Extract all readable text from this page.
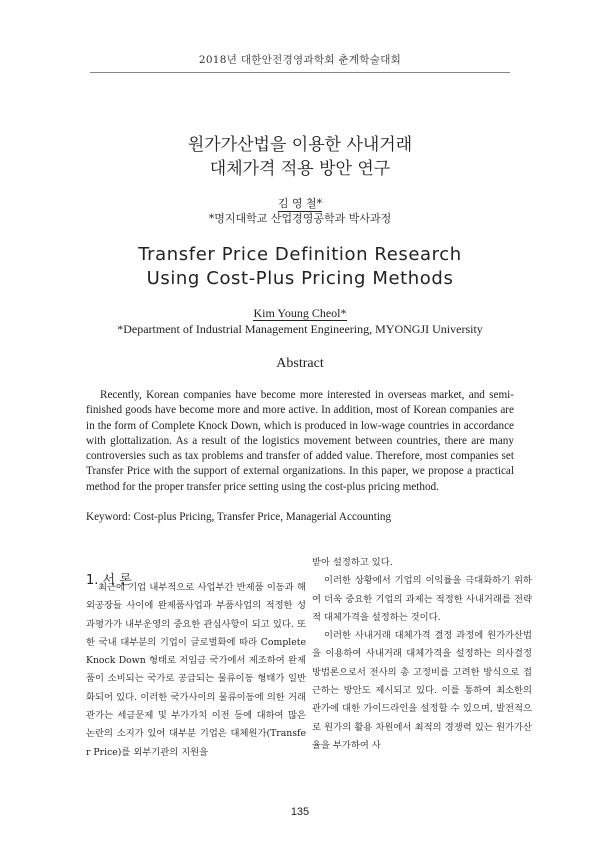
2018년 대한안전경영과학회 춘계학술대회
원가가산법을 이용한 사내거래
대체가격 적용 방안 연구
김 영 철*
*명지대학교 산업경영공학과 박사과정
Transfer Price Definition Research
Using Cost-Plus Pricing Methods
Kim Young Cheol*
*Department of Industrial Management Engineering, MYONGJI University
Abstract

Recently, Korean companies have become more interested in overseas market, and semi-finished goods have become more and more active. In addition, most of Korean companies are in the form of Complete Knock Down, which is produced in low-wage countries in accordance with glottalization. As a result of the logistics movement between countries, there are many controversies such as tax problems and transfer of added value. Therefore, most companies set Transfer Price with the support of external organizations. In this paper, we propose a practical method for the proper transfer price setting using the cost-plus pricing method.

Keyword: Cost-plus Pricing, Transfer Price, Managerial Accounting
1. 서 론

최근에 기업 내부적으로 사업부간 반제품 이동과 해외공장들 사이에 완제품사업과 부품사업의 적정한 성과평가가 내부운영의 중요한 관심사항이 되고 있다. 또한 국내 대부분의 기업이 글로벌화에 따라 Complete Knock Down 형태로 저임금 국가에서 제조하여 완제품이 소비되는 국가로 공급되는 물류이동 형태가 일반화되어 있다. 이러한 국가사이의 물류이동에 의한 거래관가는 세금문제 및 부가가치 이전 등에 대하여 많은 논란의 소지가 있어 대부분 기업은 대체원가(Transfer Price)를 외부기관의 지원을

받아 설정하고 있다.

이러한 상황에서 기업의 이익률을 극대화하기 위하여 더욱 중요한 기업의 과제는 적정한 사내거래를 전략적 대체가격을 설정하는 것이다.

이러한 사내거래 대체가격 결정 과정에 원가가산법을 이용하여 사내거래 대체가격을 설정하는 의사결정 방법론으로서 전사의 총 고정비를 고려한 방식으로 접근하는 방안도 제시되고 있다. 이를 통하여 최소한의 관가에 대한 가이드라인을 설정할 수 있으며, 발전적으로 원가의 활용 차원에서 최적의 경쟁력 있는 원가가산율을 부가하여 사

135
